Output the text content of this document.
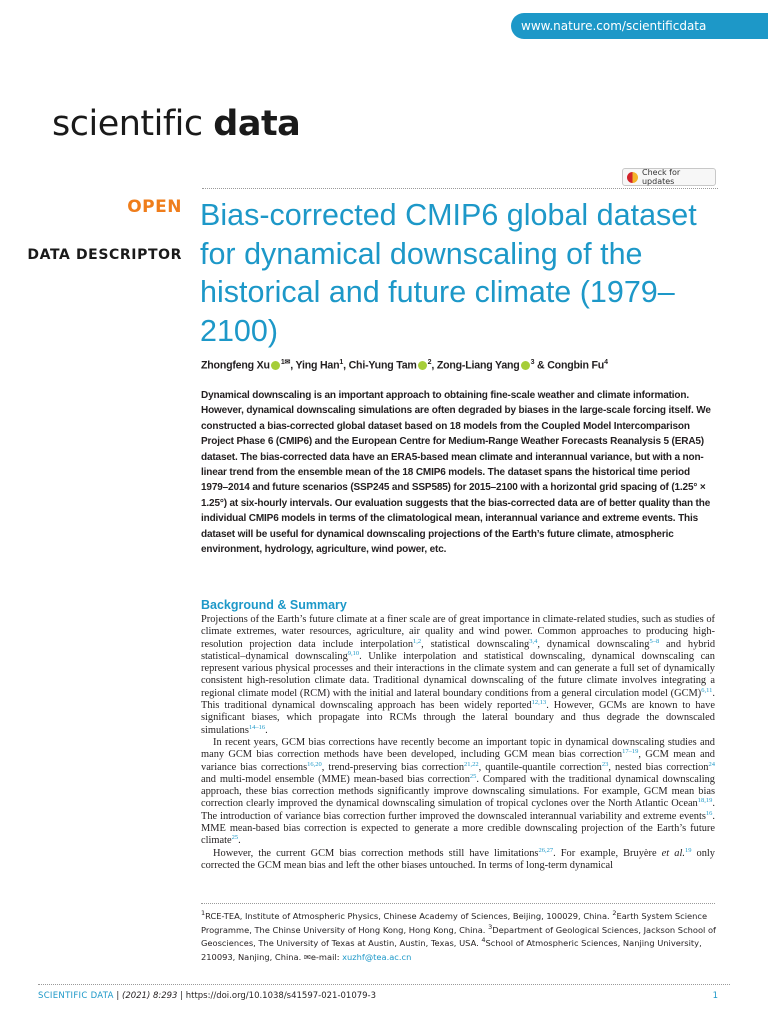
www.nature.com/scientificdata
scientific data
Check for updates
OPEN
DATA DESCRIPTOR
Bias-corrected CMIP6 global dataset for dynamical downscaling of the historical and future climate (1979–2100)
Zhongfeng Xu $^{1✉}$, Ying Han$^1$, Chi-Yung Tam $^2$, Zong-Liang Yang $^3$ & Congbin Fu$^4$
Dynamical downscaling is an important approach to obtaining fine-scale weather and climate information. However, dynamical downscaling simulations are often degraded by biases in the large-scale forcing itself. We constructed a bias-corrected global dataset based on 18 models from the Coupled Model Intercomparison Project Phase 6 (CMIP6) and the European Centre for Medium-Range Weather Forecasts Reanalysis 5 (ERA5) dataset. The bias-corrected data have an ERA5-based mean climate and interannual variance, but with a non-linear trend from the ensemble mean of the 18 CMIP6 models. The dataset spans the historical time period 1979–2014 and future scenarios (SSP245 and SSP585) for 2015–2100 with a horizontal grid spacing of (1.25° × 1.25°) at six-hourly intervals. Our evaluation suggests that the bias-corrected data are of better quality than the individual CMIP6 models in terms of the climatological mean, interannual variance and extreme events. This dataset will be useful for dynamical downscaling projections of the Earth’s future climate, atmospheric environment, hydrology, agriculture, wind power, etc.
Background & Summary

Projections of the Earth’s future climate at a finer scale are of great importance in climate-related studies, such as studies of climate extremes, water resources, agriculture, air quality and wind power. Common approaches to producing high-resolution projection data include interpolation$^{1,2}$, statistical downscaling$^{3,4}$, dynamical downscaling$^{5-8}$ and hybrid statistical–dynamical downscaling$^{9,10}$. Unlike interpolation and statistical downscaling, dynamical downscaling can represent various physical processes and their interactions in the climate system and can generate a full set of dynamically consistent high-resolution climate data. Traditional dynamical downscaling of the future climate involves integrating a regional climate model (RCM) with the initial and lateral boundary conditions from a general circulation model (GCM)$^{6,11}$. This traditional dynamical downscaling approach has been widely reported$^{12,13}$. However, GCMs are known to have significant biases, which propagate into RCMs through the lateral boundary and thus degrade the downscaled simulations$^{14-16}$.

In recent years, GCM bias corrections have recently become an important topic in dynamical downscaling studies and many GCM bias correction methods have been developed, including GCM mean bias correction$^{17-19}$, GCM mean and variance bias corrections$^{16,20}$, trend-preserving bias correction$^{21,22}$, quantile-quantile correction$^{23}$, nested bias correction$^{24}$ and multi-model ensemble (MME) mean-based bias correction$^{25}$. Compared with the traditional dynamical downscaling approach, these bias correction methods significantly improve downscaling simulations. For example, GCM mean bias correction clearly improved the dynamical downscaling simulation of tropical cyclones over the North Atlantic Ocean$^{18,19}$. The introduction of variance bias correction further improved the downscaled interannual variability and extreme events$^{16}$. MME mean-based bias correction is expected to generate a more credible downscaling projection of the Earth’s future climate$^{25}$.

However, the current GCM bias correction methods still have limitations$^{26,27}$. For example, Bruyère et al.$^{19}$ only corrected the GCM mean bias and left the other biases untouched. In terms of long-term dynamical

$^1$RCE-TEA, Institute of Atmospheric Physics, Chinese Academy of Sciences, Beijing, 100029, China. $^2$Earth System Science Programme, The Chinse University of Hong Kong, Hong Kong, China. $^3$Department of Geological Sciences, Jackson School of Geosciences, The University of Texas at Austin, Austin, Texas, USA. $^4$School of Atmospheric Sciences, Nanjing University, 210093, Nanjing, China. ✉e-mail: xuzhf@tea.ac.cn
SCIENTIFIC DATA | (2021) 8:293 | https://doi.org/10.1038/s41597-021-01079-3	1
